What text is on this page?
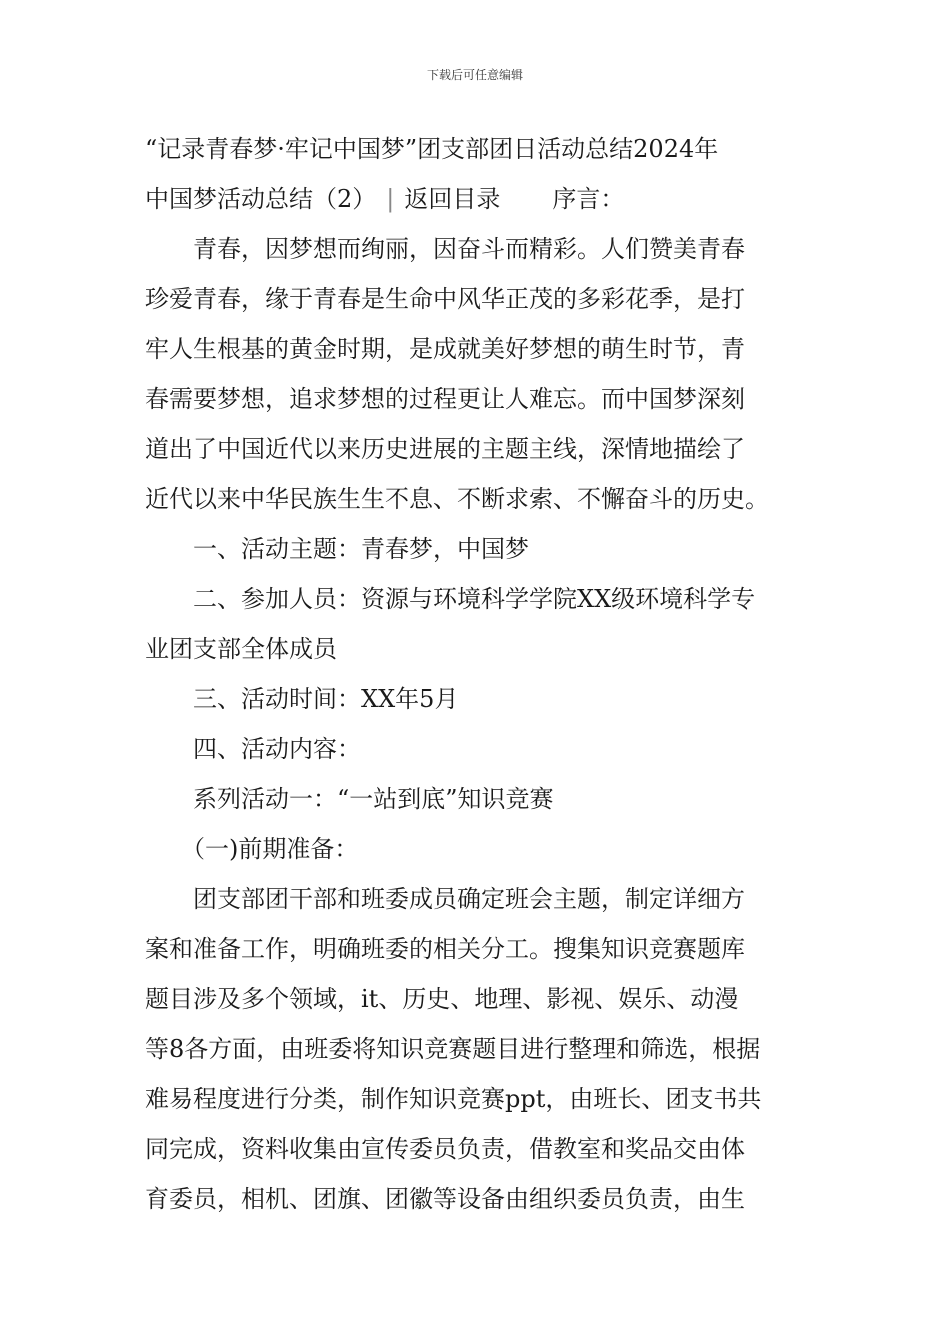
下载后可任意编辑
“记录青春梦·牢记中国梦”团支部团日活动总结2024年
中国梦活动总结（2） | 返回目录 序言：
青春，因梦想而绚丽，因奋斗而精彩。人们赞美青春
珍爱青春，缘于青春是生命中风华正茂的多彩花季，是打
牢人生根基的黄金时期，是成就美好梦想的萌生时节，青
春需要梦想，追求梦想的过程更让人难忘。而中国梦深刻
道出了中国近代以来历史进展的主题主线，深情地描绘了
近代以来中华民族生生不息、不断求索、不懈奋斗的历史。
一、活动主题：青春梦，中国梦
二、参加人员：资源与环境科学学院XX级环境科学专
业团支部全体成员
三、活动时间：XX年5月
四、活动内容：
系列活动一：“一站到底”知识竞赛
（一)前期准备：
团支部团干部和班委成员确定班会主题，制定详细方
案和准备工作，明确班委的相关分工。搜集知识竞赛题库
题目涉及多个领域，it、历史、地理、影视、娱乐、动漫
等8各方面，由班委将知识竞赛题目进行整理和筛选，根据
难易程度进行分类，制作知识竞赛ppt，由班长、团支书共
同完成，资料收集由宣传委员负责，借教室和奖品交由体
育委员，相机、团旗、团徽等设备由组织委员负责，由生
